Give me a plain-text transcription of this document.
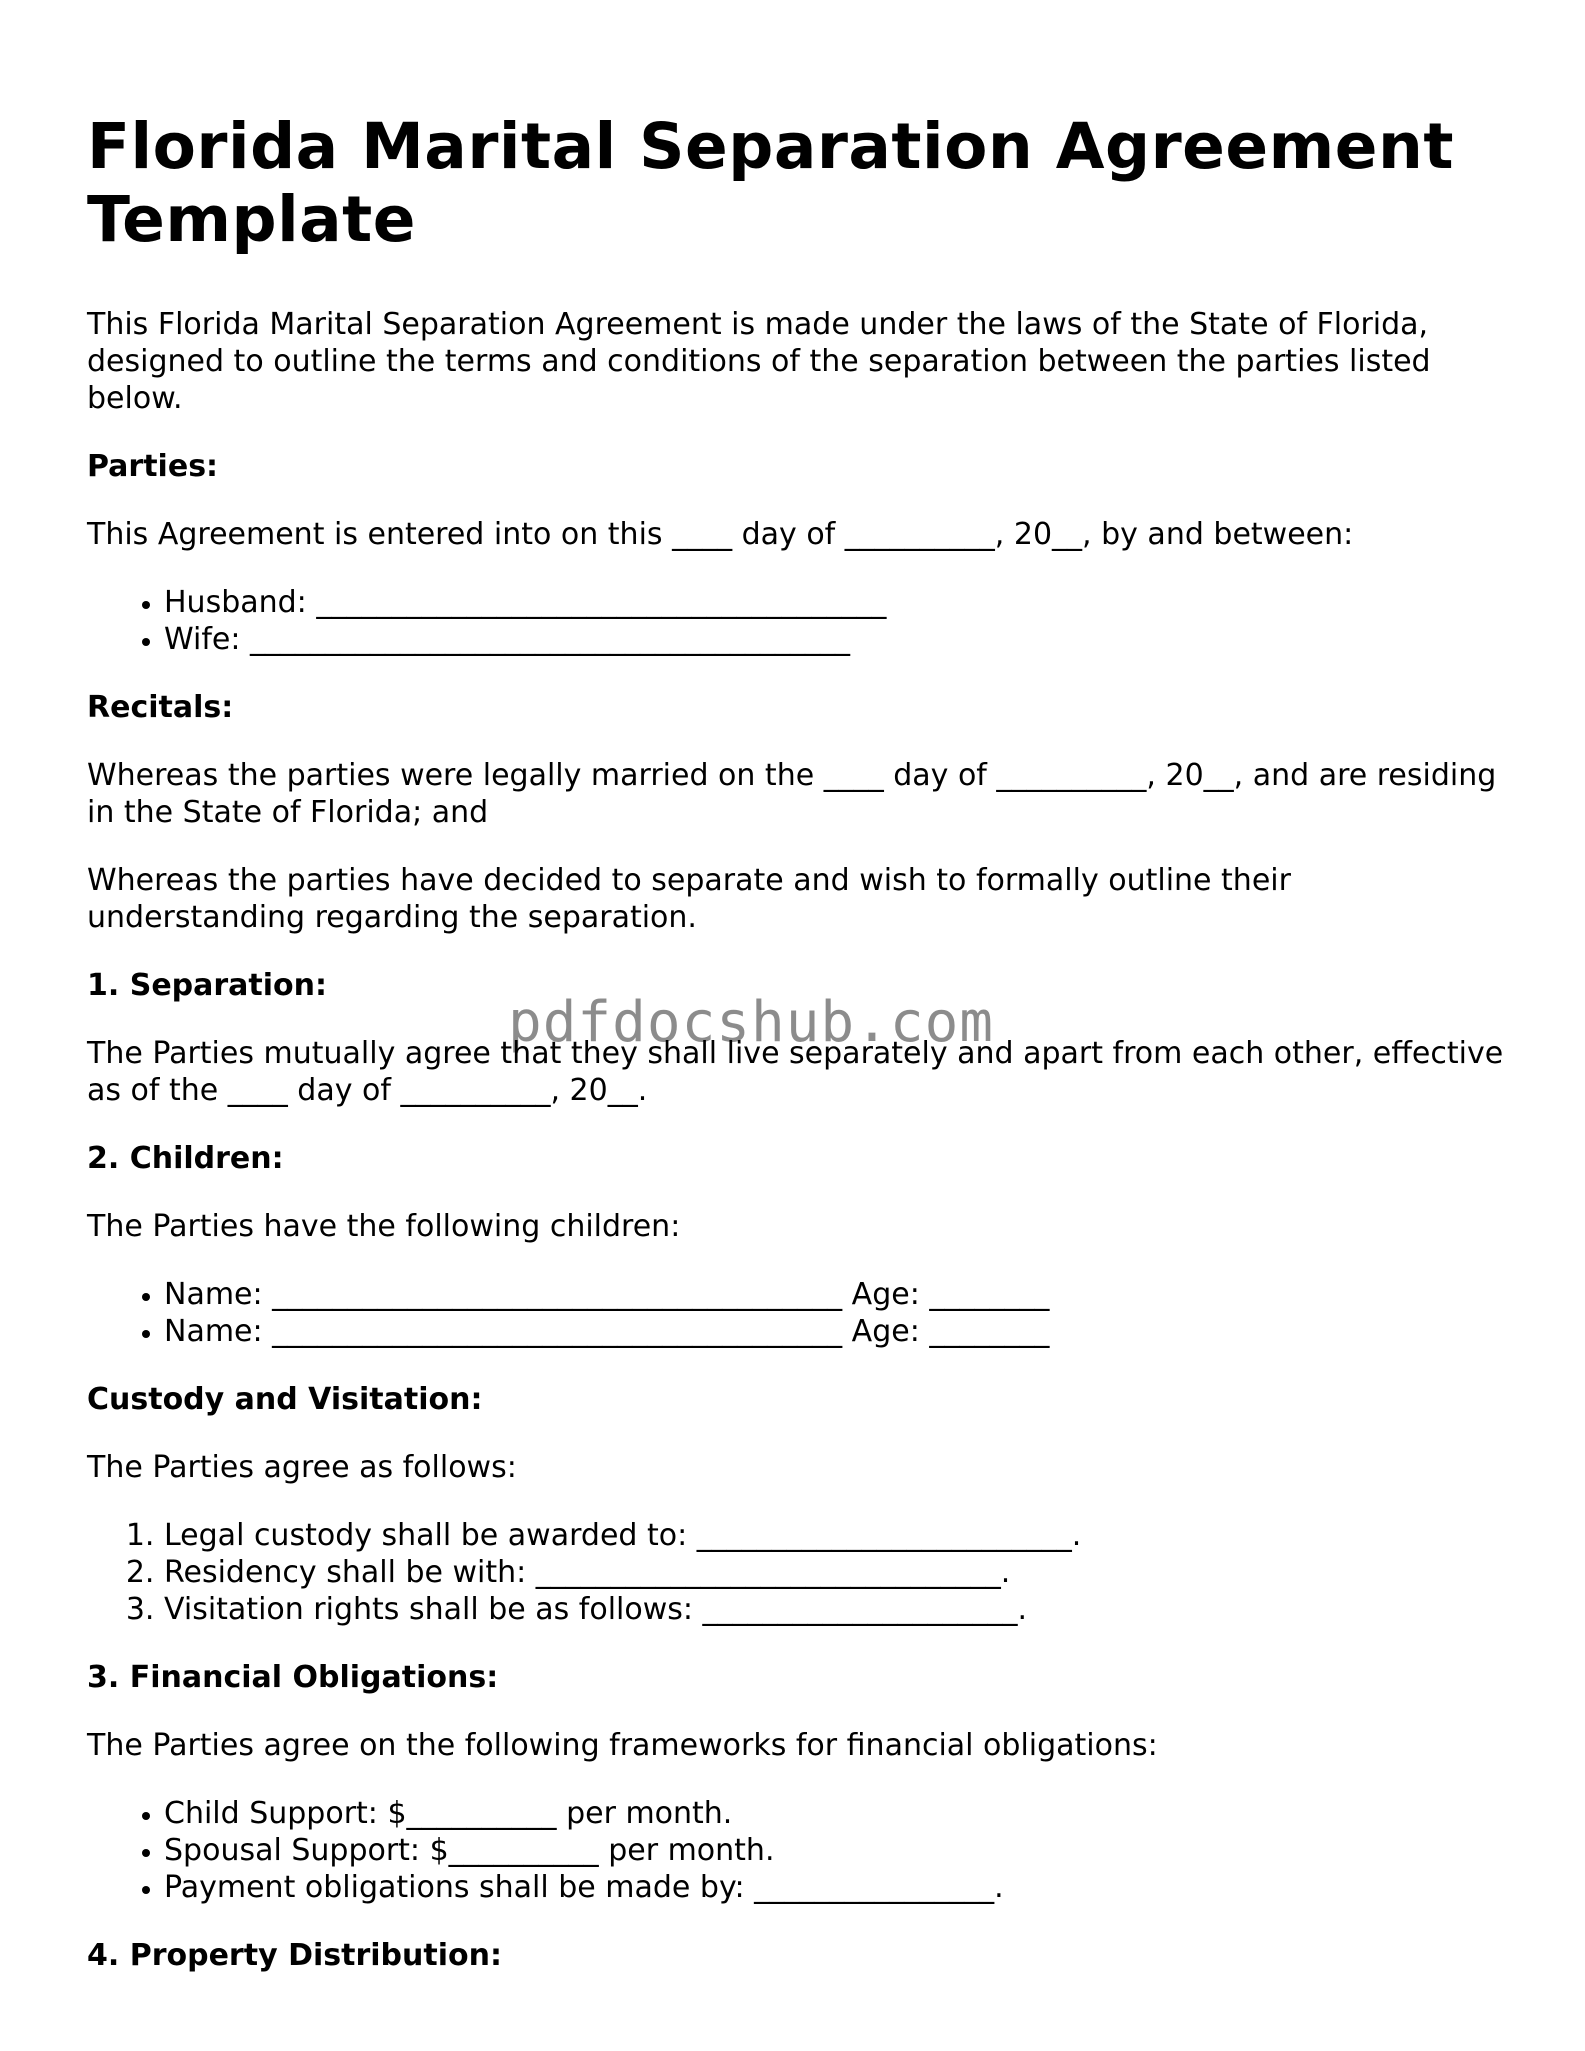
Florida Marital Separation Agreement Template

This Florida Marital Separation Agreement is made under the laws of the State of Florida, designed to outline the terms and conditions of the separation between the parties listed below.

Parties:

This Agreement is entered into on this ____ day of __________, 20__, by and between:

• Husband: ______________________________________
• Wife: ________________________________________
Recitals:

Whereas the parties were legally married on the ____ day of __________, 20__, and are residing in the State of Florida; and

Whereas the parties have decided to separate and wish to formally outline their understanding regarding the separation.

1. Separation:

The Parties mutually agree that they shall live separately and apart from each other, effective as of the ____ day of __________, 20__.

2. Children:

The Parties have the following children:

• Name: ______________________________________ Age: ________
• Name: ______________________________________ Age: ________
Custody and Visitation:

The Parties agree as follows:

1. Legal custody shall be awarded to: _________________________.
2. Residency shall be with: _______________________________.
3. Visitation rights shall be as follows: _____________________.
3. Financial Obligations:

The Parties agree on the following frameworks for financial obligations:

• Child Support: $__________ per month.
• Spousal Support: $__________ per month.
• Payment obligations shall be made by: ________________.
4. Property Distribution:
pdfdocshub.com
